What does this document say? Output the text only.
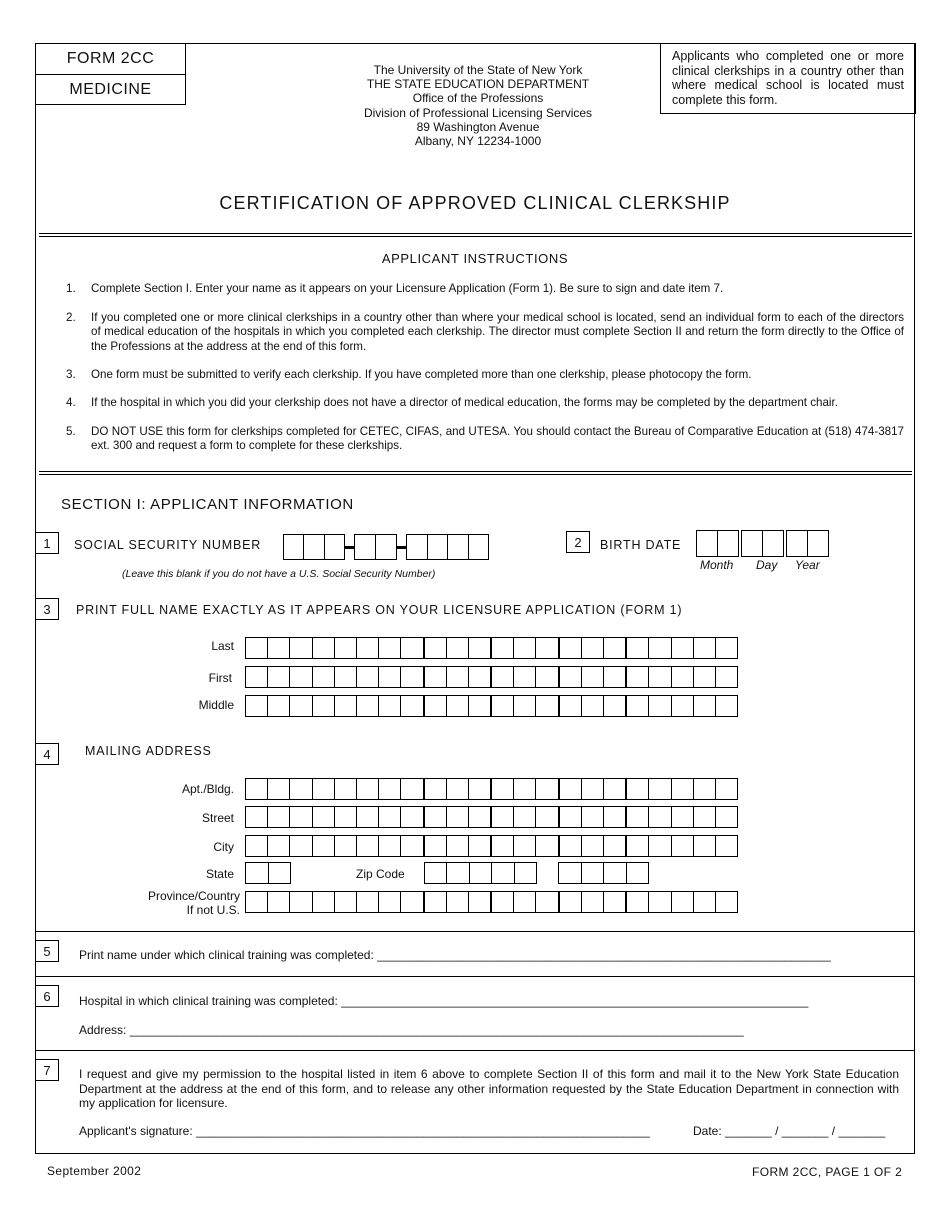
FORM 2CC
MEDICINE
The University of the State of New York
THE STATE EDUCATION DEPARTMENT
Office of the Professions
Division of Professional Licensing Services
89 Washington Avenue
Albany, NY 12234-1000
Applicants who completed one or more clinical clerkships in a country other than where medical school is located must complete this form.
CERTIFICATION OF APPROVED CLINICAL CLERKSHIP
APPLICANT INSTRUCTIONS
1.	Complete Section I. Enter your name as it appears on your Licensure Application (Form 1). Be sure to sign and date item 7.
2.	If you completed one or more clinical clerkships in a country other than where your medical school is located, send an individual form to each of the directors of medical education of the hospitals in which you completed each clerkship. The director must complete Section II and return the form directly to the Office of the Professions at the address at the end of this form.
3.	One form must be submitted to verify each clerkship. If you have completed more than one clerkship, please photocopy the form.
4.	If the hospital in which you did your clerkship does not have a director of medical education, the forms may be completed by the department chair.
5.	DO NOT USE this form for clerkships completed for CETEC, CIFAS, and UTESA. You should contact the Bureau of Comparative Education at (518) 474-3817 ext. 300 and request a form to complete for these clerkships.
SECTION I: APPLICANT INFORMATION
1	SOCIAL SECURITY NUMBER
(Leave this blank if you do not have a U.S. Social Security Number)
2	BIRTH DATE
Month Day Year
3	PRINT FULL NAME EXACTLY AS IT APPEARS ON YOUR LICENSURE APPLICATION (FORM 1)
Last
First
Middle
4	MAILING ADDRESS
Apt./Bldg.
Street
City
State	Zip Code
Province/Country
If not U.S.
5	Print name under which clinical training was completed: ____________________________________________________________________
6	Hospital in which clinical training was completed: ______________________________________________________________________
Address: ____________________________________________________________________________________________
7	I request and give my permission to the hospital listed in item 6 above to complete Section II of this form and mail it to the New York State Education Department at the address at the end of this form, and to release any other information requested by the State Education Department in connection with my application for licensure.
Applicant's signature: ____________________________________________________________________	Date: _______ / _______ / _______
September 2002	FORM 2CC, PAGE 1 OF 2
